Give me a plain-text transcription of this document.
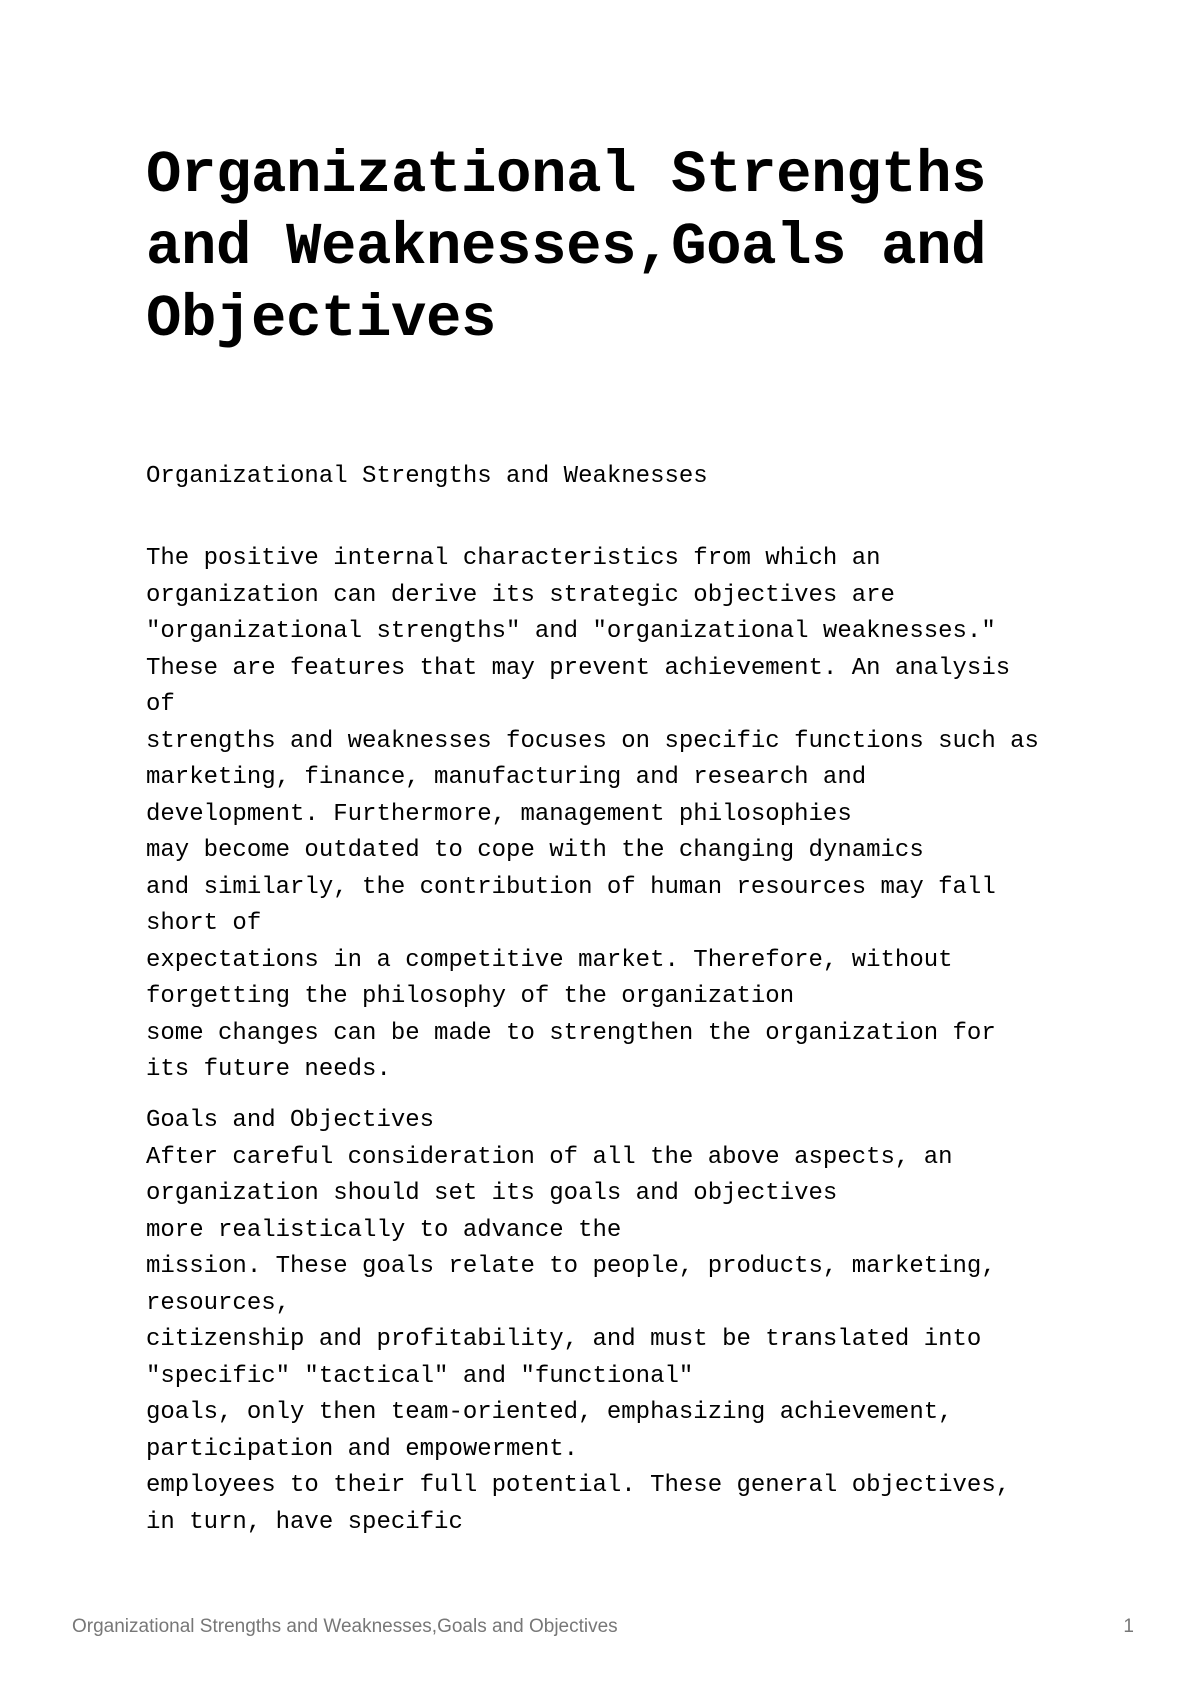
Organizational Strengths
and Weaknesses,Goals and
Objectives

Organizational Strengths and Weaknesses

The positive internal characteristics from which an
organization can derive its strategic objectives are
"organizational strengths" and "organizational weaknesses."
These are features that may prevent achievement. An analysis
of
strengths and weaknesses focuses on specific functions such as
marketing, finance, manufacturing and research and
development. Furthermore, management philosophies
may become outdated to cope with the changing dynamics
and similarly, the contribution of human resources may fall
short of
expectations in a competitive market. Therefore, without
forgetting the philosophy of the organization
some changes can be made to strengthen the organization for
its future needs.
Goals and Objectives
After careful consideration of all the above aspects, an
organization should set its goals and objectives
more realistically to advance the
mission. These goals relate to people, products, marketing,
resources,
citizenship and profitability, and must be translated into
"specific" "tactical" and "functional"
goals, only then team-oriented, emphasizing achievement,
participation and empowerment.
employees to their full potential. These general objectives,
in turn, have specific
Organizational Strengths and Weaknesses,Goals and Objectives	1
